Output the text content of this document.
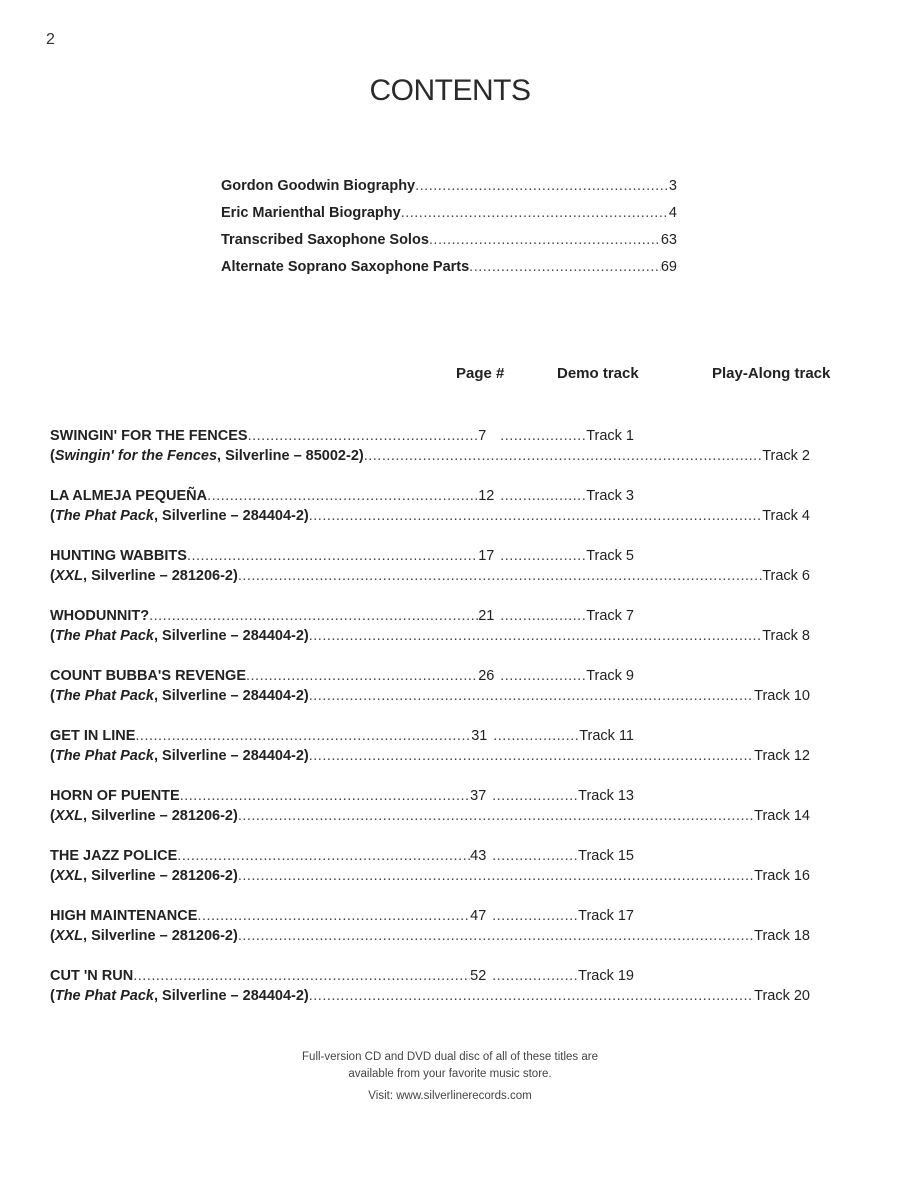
2
CONTENTS
Gordon Goodwin Biography .....	3
Eric Marienthal Biography .....	4
Transcribed Saxophone Solos .....	63
Alternate Soprano Saxophone Parts .....	69
Page #	Demo track	Play-Along track
SWINGIN' FOR THE FENCES .....	7 .....	Track 1
(Swingin' for the Fences, Silverline – 85002-2) .....	Track 2
LA ALMEJA PEQUEÑA .....	12 .....	Track 3
(The Phat Pack, Silverline – 284404-2) .....	Track 4
HUNTING WABBITS .....	17 .....	Track 5
(XXL, Silverline – 281206-2) .....	Track 6
WHODUNNIT? .....	21 .....	Track 7
(The Phat Pack, Silverline – 284404-2) .....	Track 8
COUNT BUBBA'S REVENGE .....	26 .....	Track 9
(The Phat Pack, Silverline – 284404-2) .....	Track 10
GET IN LINE .....	31 .....	Track 11
(The Phat Pack, Silverline – 284404-2) .....	Track 12
HORN OF PUENTE .....	37 .....	Track 13
(XXL, Silverline – 281206-2) .....	Track 14
THE JAZZ POLICE .....	43 .....	Track 15
(XXL, Silverline – 281206-2) .....	Track 16
HIGH MAINTENANCE .....	47 .....	Track 17
(XXL, Silverline – 281206-2) .....	Track 18
CUT 'N RUN .....	52 .....	Track 19
(The Phat Pack, Silverline – 284404-2) .....	Track 20
Full-version CD and DVD dual disc of all of these titles are
available from your favorite music store.
Visit: www.silverlinerecords.com
